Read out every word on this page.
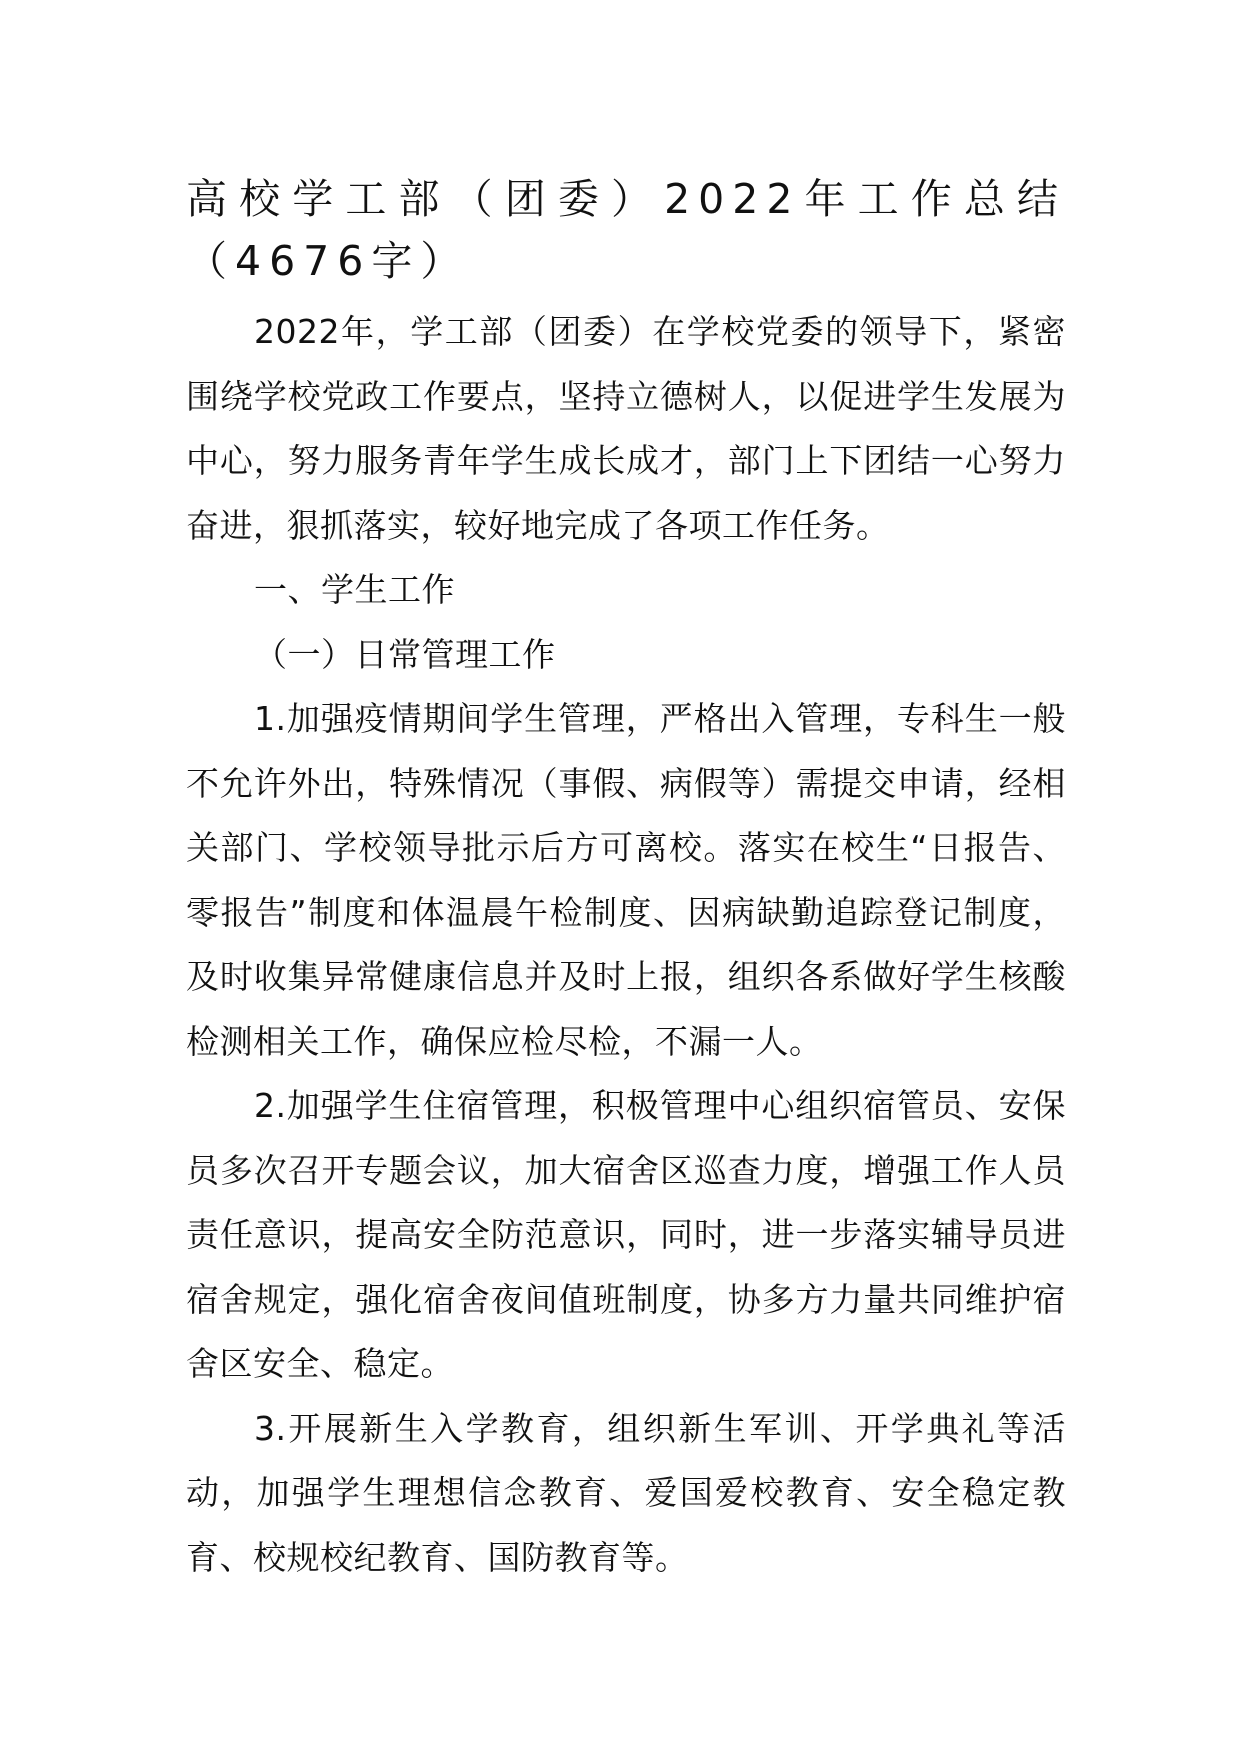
高校学工部（团委）2022年工作总结（4676字）

2022年，学工部（团委）在学校党委的领导下，紧密围绕学校党政工作要点，坚持立德树人，以促进学生发展为中心，努力服务青年学生成长成才，部门上下团结一心努力奋进，狠抓落实，较好地完成了各项工作任务。

一、学生工作

（一）日常管理工作

1.加强疫情期间学生管理，严格出入管理，专科生一般不允许外出，特殊情况（事假、病假等）需提交申请，经相关部门、学校领导批示后方可离校。落实在校生“日报告、零报告”制度和体温晨午检制度、因病缺勤追踪登记制度，及时收集异常健康信息并及时上报，组织各系做好学生核酸检测相关工作，确保应检尽检，不漏一人。

2.加强学生住宿管理，积极管理中心组织宿管员、安保员多次召开专题会议，加大宿舍区巡查力度，增强工作人员责任意识，提高安全防范意识，同时，进一步落实辅导员进宿舍规定，强化宿舍夜间值班制度，协多方力量共同维护宿舍区安全、稳定。

3.开展新生入学教育，组织新生军训、开学典礼等活动，加强学生理想信念教育、爱国爱校教育、安全稳定教育、校规校纪教育、国防教育等。
